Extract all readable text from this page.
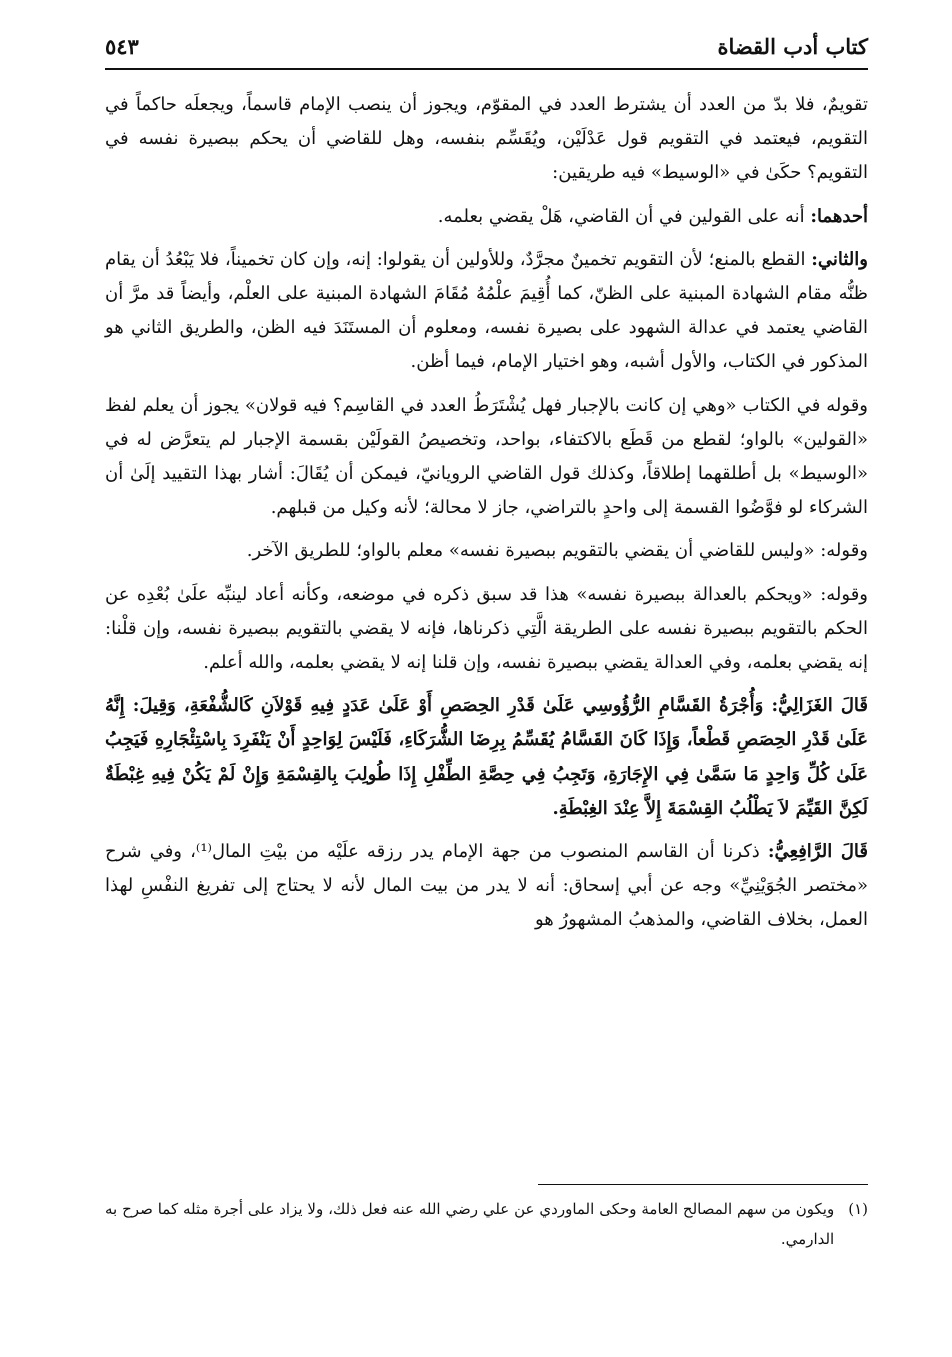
كتاب أدب القضاة
٥٤٣

تقويمٌ، فلا بدّ من العدد أن يشترط العدد في المقوّم، ويجوز أن ينصب الإمام قاسماً، ويجعلَه حاكماً في التقويم، فيعتمد في التقويم قول عَدْلَيْن، ويُقَسِّم بنفسه، وهل للقاضي أن يحكم ببصيرة نفسه في التقويم؟ حكَىٰ في «الوسيط» فيه طريقين:

أحدهما: أنه على القولين في أن القاضي، هَلْ يقضي بعلمه.

والثاني: القطع بالمنع؛ لأن التقويم تخمينٌ مجرَّدٌ، وللأولين أن يقولوا: إنه، وإن كان تخميناً، فلا يَبْعُدُ أن يقام ظنُّه مقام الشهادة المبنية على الظنّ، كما أُقِيمَ علْمُهُ مُقَامَ الشهادة المبنية على العلْم، وأيضاً قد مرَّ أن القاضي يعتمد في عدالة الشهود على بصيرة نفسه، ومعلوم أن المستَنَدَ فيه الظن، والطريق الثاني هو المذكور في الكتاب، والأول أشبه، وهو اختيار الإمام، فيما أظن.

وقوله في الكتاب «وهي إن كانت بالإجبار فهل يُشْتَرَطُ العدد في القاسِم؟ فيه قولان» يجوز أن يعلم لفظ «القولين» بالواو؛ لقطع من قَطَع بالاكتفاء، بواحد، وتخصيصُ القولَيْن بقسمة الإجبار لم يتعرَّض له في «الوسيط» بل أطلقهما إطلاقاً، وكذلك قول القاضي الرويانيّ، فيمكن أن يُقَالَ: أشار بهذا التقييد إلَىٰ أن الشركاء لو فوَّضُوا القسمة إلى واحدٍ بالتراضي، جاز لا محالة؛ لأنه وكيل من قبلهم.

وقوله: «وليس للقاضي أن يقضي بالتقويم ببصيرة نفسه» معلم بالواو؛ للطريق الآخر.

وقوله: «ويحكم بالعدالة ببصيرة نفسه» هذا قد سبق ذكره في موضعه، وكأنه أعاد لينبِّه علَىٰ بُعْدِه عن الحكم بالتقويم ببصيرة نفسه على الطريقة الَّتِي ذكرناها، فإنه لا يقضي بالتقويم ببصيرة نفسه، وإن قلْنا: إنه يقضي بعلمه، وفي العدالة يقضي ببصيرة نفسه، وإن قلنا إنه لا يقضي بعلمه، والله أعلم.

قَالَ الغَزَالِيُّ: وَأُجْرَةُ القَسَّامِ الرُّؤُوسِي عَلَىٰ قَدْرِ الحِصَصِ أَوْ عَلَىٰ عَدَدٍ فِيهِ قَوْلاَنِ كَالشُّفْعَةِ، وَقِيلَ: إِنَّهُ عَلَىٰ قَدْرِ الحِصَصِ قَطْعاً، وَإِذَا كَانَ القَسَّامُ يُقَسِّمُ بِرِضَا الشُّرَكَاءِ، فَلَيْسَ لِوَاحِدٍ أَنْ يَنْفَرِدَ بِاسْتِئْجَارِهِ فَيَجِبُ عَلَىٰ كُلِّ وَاحِدٍ مَا سَمَّىٰ فِي الإِجَارَةِ، وَتَجِبُ فِي حِصَّةِ الطِّفْلِ إِذَا طُولِبَ بِالقِسْمَةِ وَإِنْ لَمْ يَكُنْ فِيهِ غِبْطَةٌ لَكِنَّ القَيِّمَ لاَ يَطْلُبُ القِسْمَةَ إِلاَّ عِنْدَ الغِبْطَةِ.

قَالَ الرَّافِعِيُّ: ذكرنا أن القاسم المنصوب من جهة الإمام يدر رزقه علَيْه من بيْتِ المال⁽¹⁾، وفي شرح «مختصر الجُوَيْنِيِّ» وجه عن أبي إسحاق: أنه لا يدر من بيت المال لأنه لا يحتاج إلى تفريغ النفْسِ لهذا العمل، بخلاف القاضي، والمذهبُ المشهورُ هو

(١)
ويكون من سهم المصالح العامة وحكى الماوردي عن علي رضي الله عنه فعل ذلك، ولا يزاد على أجرة مثله كما صرح به الدارمي.
